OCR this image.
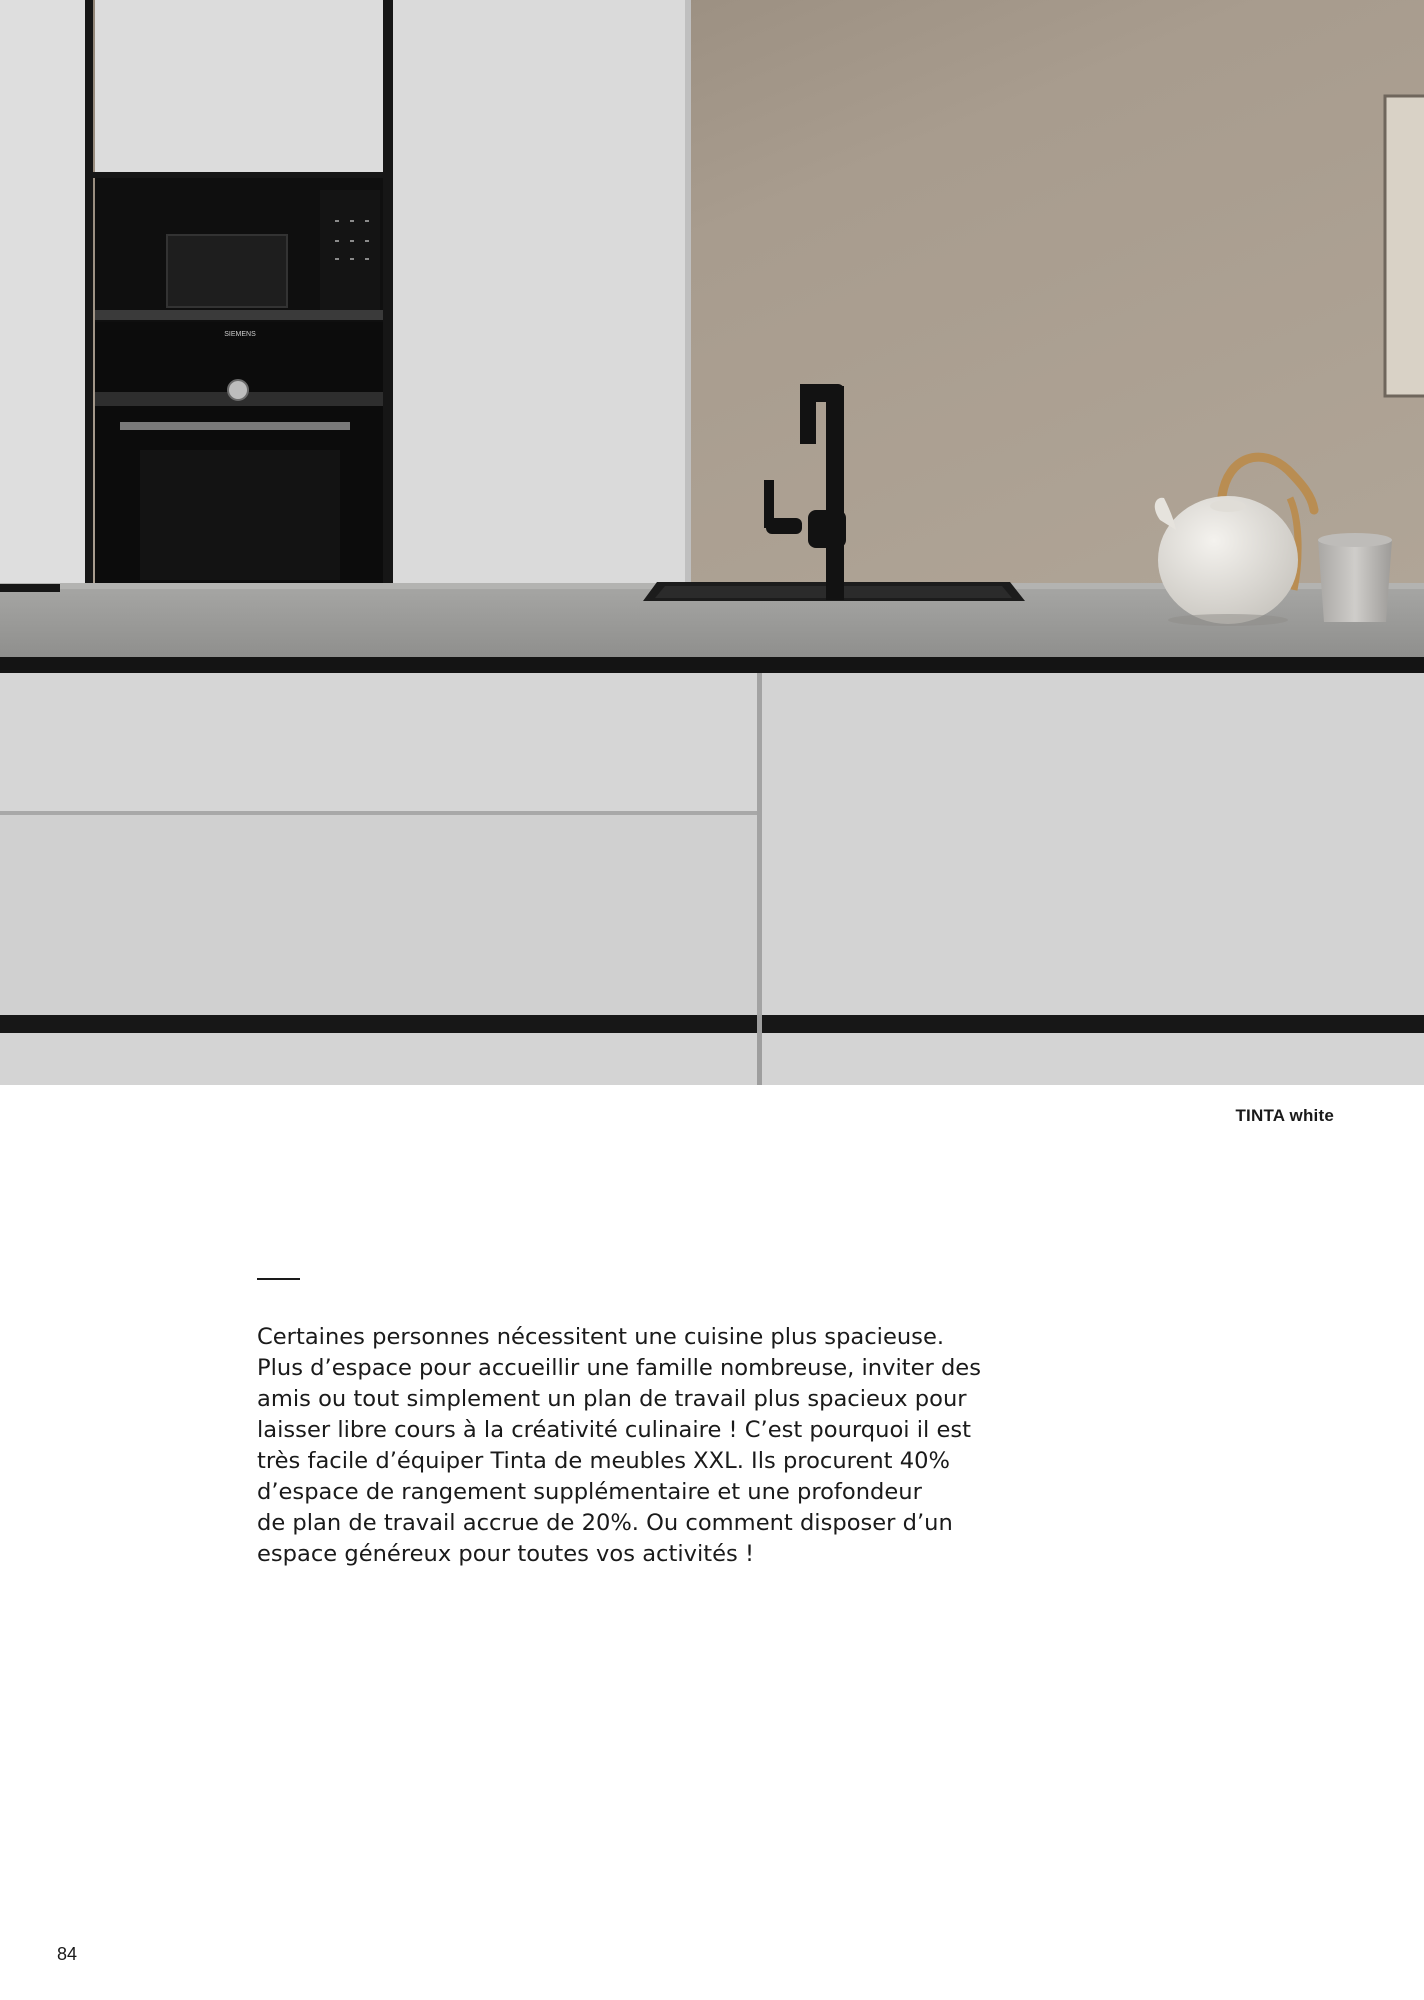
SIEMENS
TINTA white
Certaines personnes nécessitent une cuisine plus spacieuse.
Plus d’espace pour accueillir une famille nombreuse, inviter des
amis ou tout simplement un plan de travail plus spacieux pour
laisser libre cours à la créativité culinaire ! C’est pourquoi il est
très facile d’équiper Tinta de meubles XXL. Ils procurent 40%
d’espace de rangement supplémentaire et une profondeur
de plan de travail accrue de 20%. Ou comment disposer d’un
espace généreux pour toutes vos activités !
84
